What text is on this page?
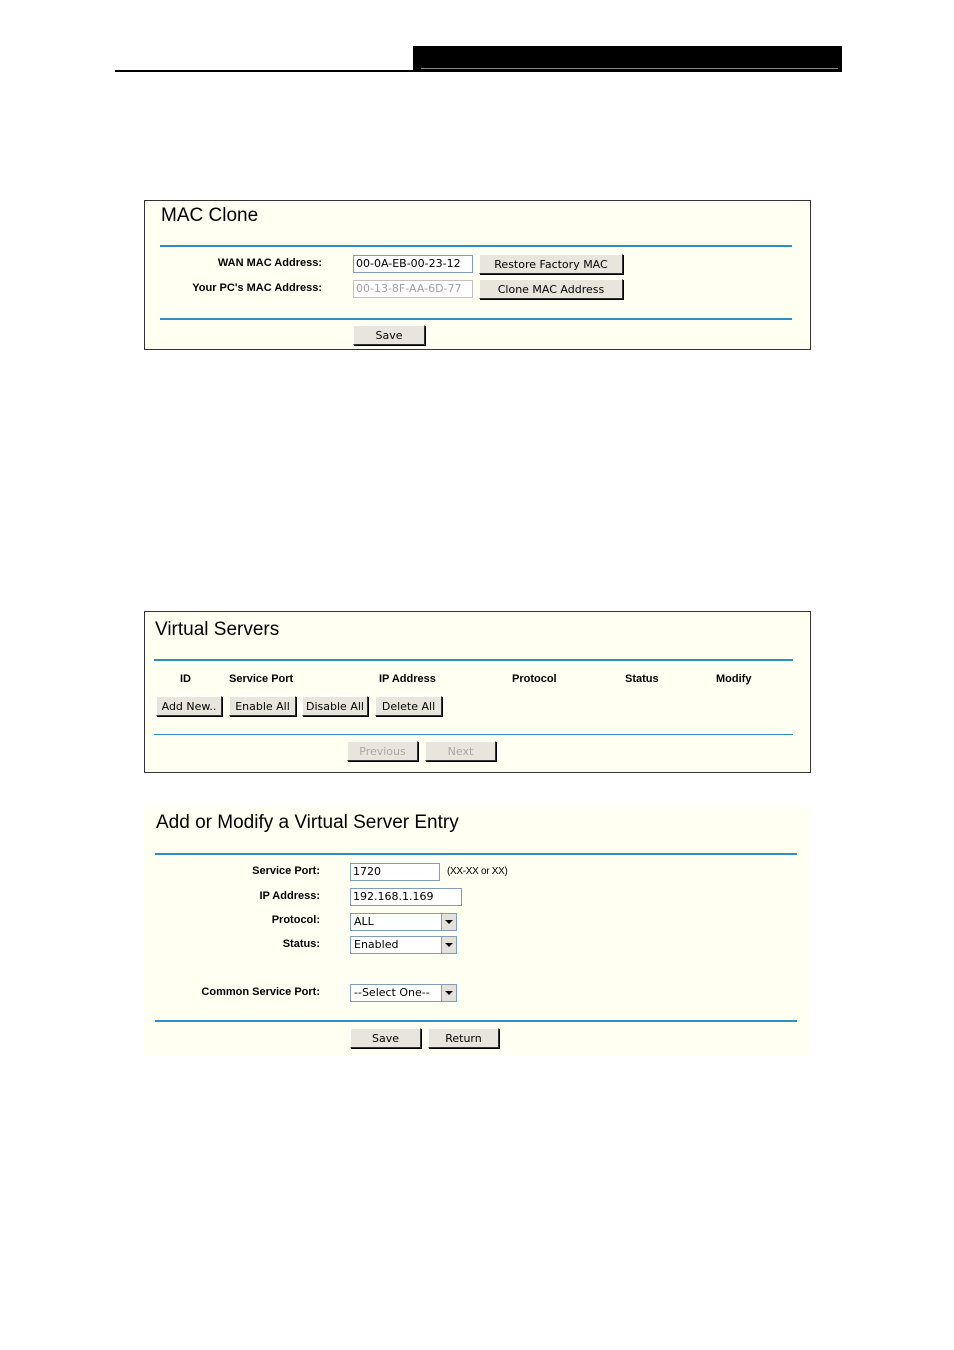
MAC Clone
WAN MAC Address:	00-0A-EB-00-23-12	Restore Factory MAC
Your PC's MAC Address:	00-13-8F-AA-6D-77	Clone MAC Address
Save
Virtual Servers
ID	Service Port	IP Address	Protocol	Status	Modify
Add New..	Enable All	Disable All	Delete All
Previous	Next
Add or Modify a Virtual Server Entry
Service Port:	1720	(XX-XX or XX)
IP Address:	192.168.1.169
Protocol:	ALL
Status:	Enabled
Common Service Port:	--Select One--
Save	Return
